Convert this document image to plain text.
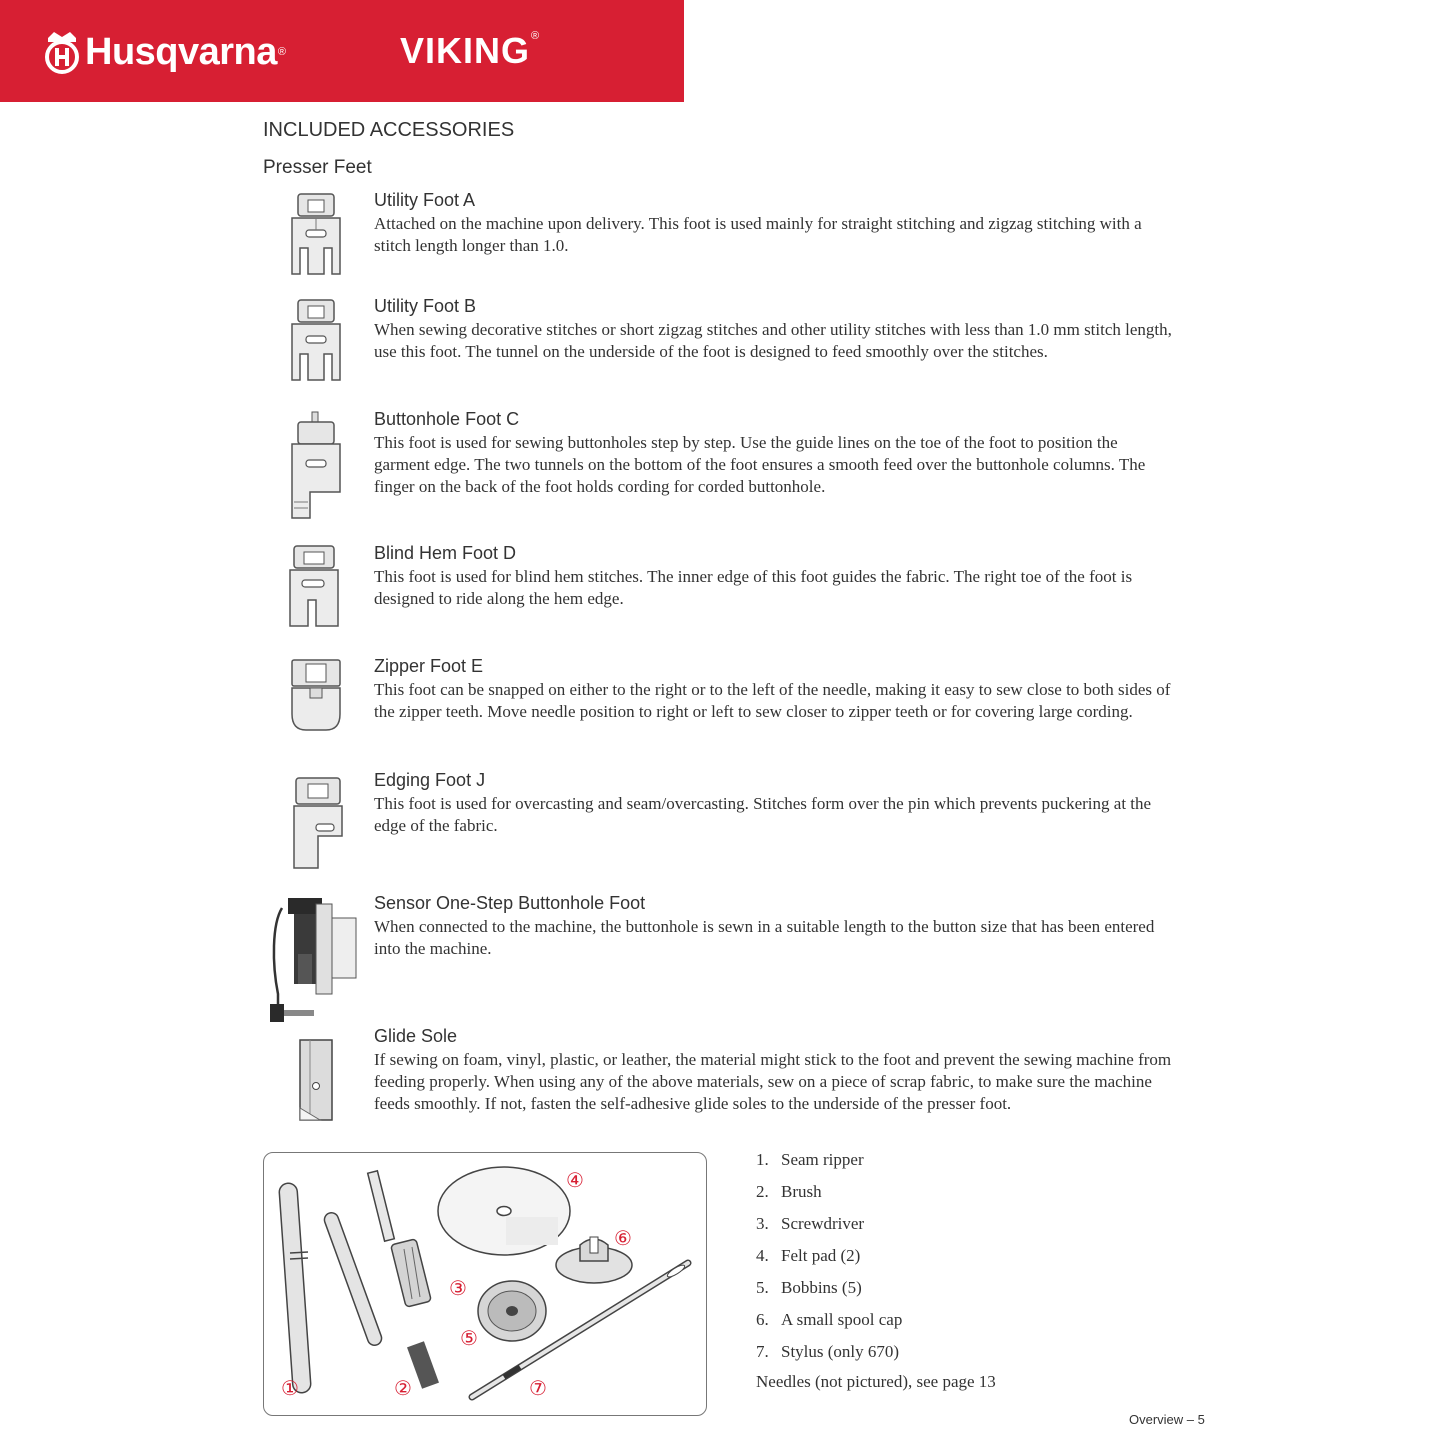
Husqvarna ®	VIKING®
INCLUDED ACCESSORIES
Presser Feet
Utility Foot A
Attached on the machine upon delivery. This foot is used mainly for straight stitching and zigzag stitching with a stitch length longer than 1.0.
Utility Foot B
When sewing decorative stitches or short zigzag stitches and other utility stitches with less than 1.0 mm stitch length, use this foot. The tunnel on the underside of the foot is designed to feed smoothly over the stitches.
Buttonhole Foot C
This foot is used for sewing buttonholes step by step. Use the guide lines on the toe of the foot to position the garment edge. The two tunnels on the bottom of the foot ensures a smooth feed over the buttonhole columns. The finger on the back of the foot holds cording for corded buttonhole.
Blind Hem Foot D
This foot is used for blind hem stitches. The inner edge of this foot guides the fabric. The right toe of the foot is designed to ride along the hem edge.
Zipper Foot E
This foot can be snapped on either to the right or to the left of the needle, making it easy to sew close to both sides of the zipper teeth. Move needle position to right or left to sew closer to zipper teeth or for covering large cording.
Edging Foot J
This foot is used for overcasting and seam/overcasting. Stitches form over the pin which prevents puckering at the edge of the fabric.
Sensor One-Step Buttonhole Foot
When connected to the machine, the buttonhole is sewn in a suitable length to the button size that has been entered into the machine.
Glide Sole
If sewing on foam, vinyl, plastic, or leather, the material might stick to the foot and prevent the sewing machine from feeding properly. When using any of the above materials, sew on a piece of scrap fabric, to make sure the machine feeds smoothly. If not, fasten the self-adhesive glide soles to the underside of the presser foot.
①	②
③
④
⑤
⑥
⑦
1. Seam ripper
2. Brush
3. Screwdriver
4. Felt pad (2)
5. Bobbins (5)
6. A small spool cap
7. Stylus (only 670)
Needles (not pictured), see page 13
Overview – 5
